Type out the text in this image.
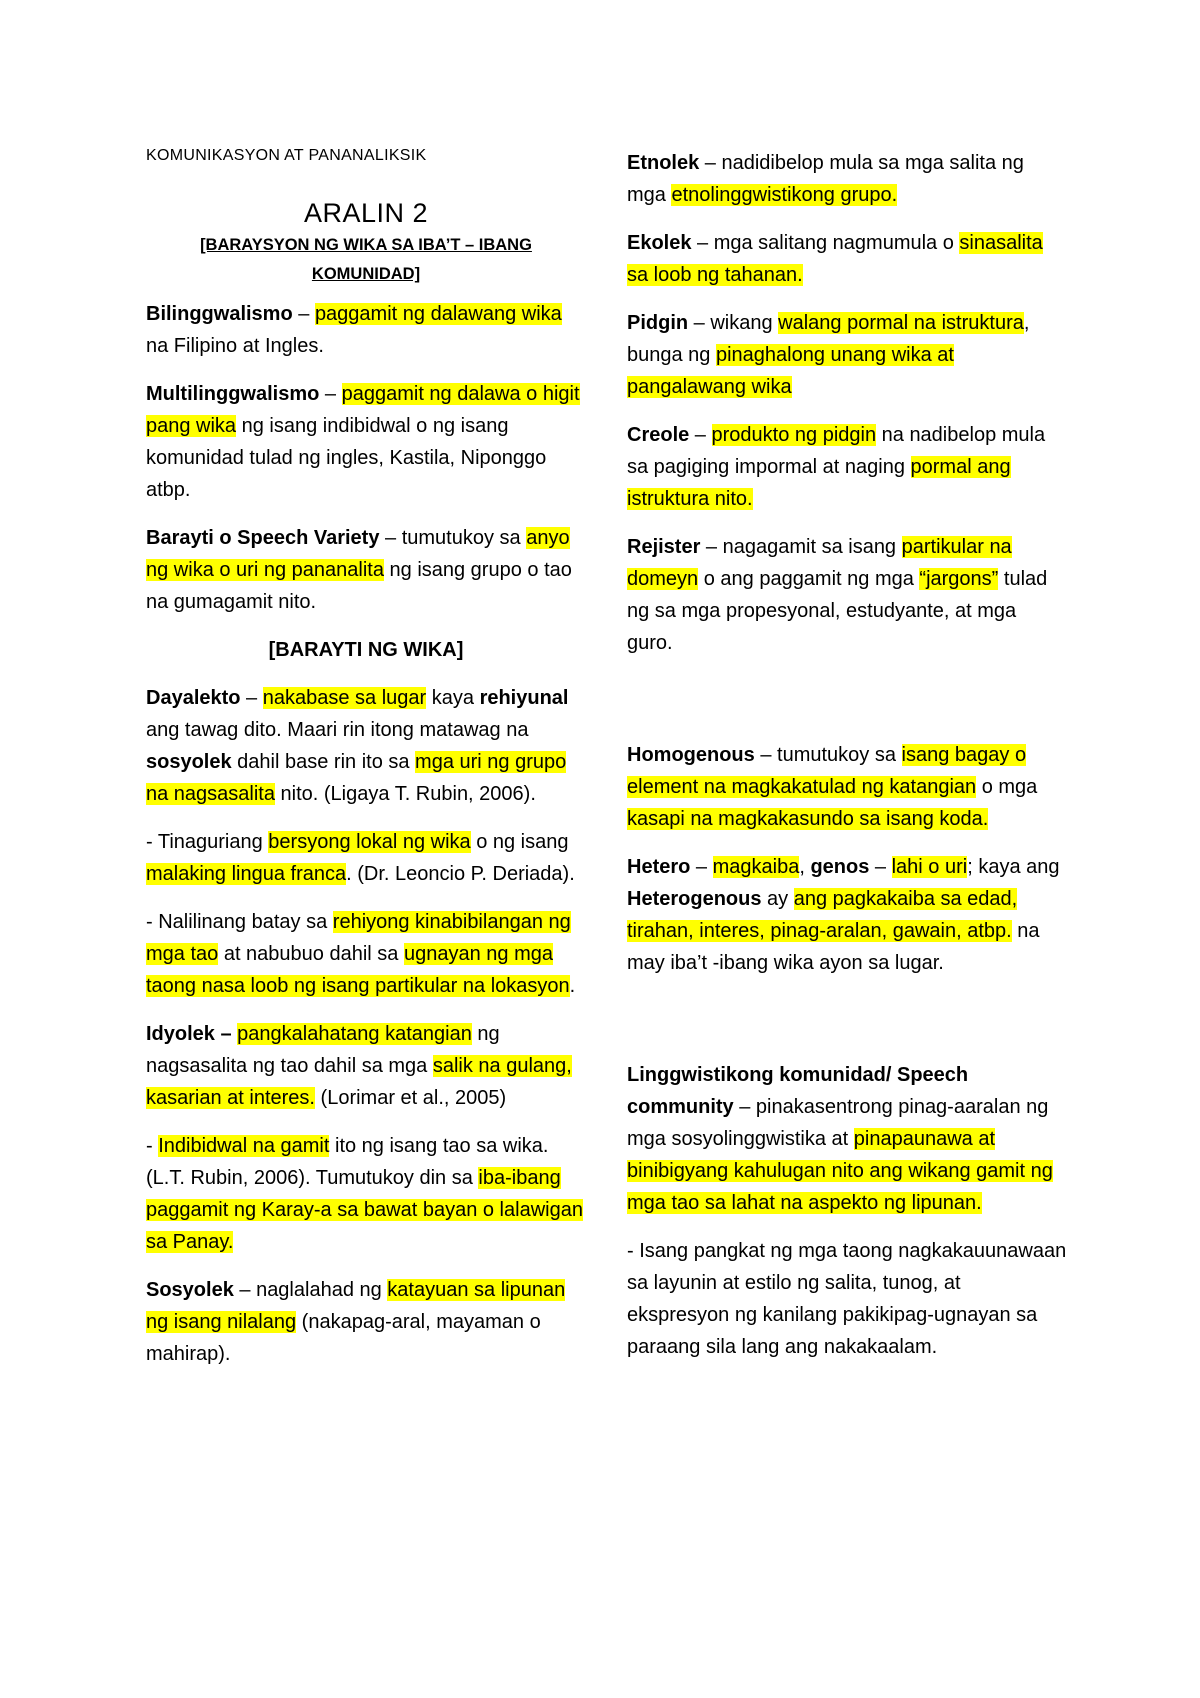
KOMUNIKASYON AT PANANALIKSIK
ARALIN 2
[BARAYSYON NG WIKA SA IBA’T – IBANG KOMUNIDAD]
Bilinggwalismo – paggamit ng dalawang wika na Filipino at Ingles.
Multilinggwalismo – paggamit ng dalawa o higit pang wika ng isang indibidwal o ng isang komunidad tulad ng ingles, Kastila, Niponggo atbp.
Barayti o Speech Variety – tumutukoy sa anyo ng wika o uri ng pananalita ng isang grupo o tao na gumagamit nito.
[BARAYTI NG WIKA]
Dayalekto – nakabase sa lugar kaya rehiyunal ang tawag dito. Maari rin itong matawag na sosyolek dahil base rin ito sa mga uri ng grupo na nagsasalita nito. (Ligaya T. Rubin, 2006).
- Tinaguriang bersyong lokal ng wika o ng isang malaking lingua franca. (Dr. Leoncio P. Deriada).
- Nalilinang batay sa rehiyong kinabibilangan ng mga tao at nabubuo dahil sa ugnayan ng mga taong nasa loob ng isang partikular na lokasyon.
Idyolek – pangkalahatang katangian ng nagsasalita ng tao dahil sa mga salik na gulang, kasarian at interes. (Lorimar et al., 2005)
- Indibidwal na gamit ito ng isang tao sa wika. (L.T. Rubin, 2006). Tumutukoy din sa iba-ibang paggamit ng Karay-a sa bawat bayan o lalawigan sa Panay.
Sosyolek – naglalahad ng katayuan sa lipunan ng isang nilalang (nakapag-aral, mayaman o mahirap).
Etnolek – nadidibelop mula sa mga salita ng mga etnolinggwistikong grupo.
Ekolek – mga salitang nagmumula o sinasalita sa loob ng tahanan.
Pidgin – wikang walang pormal na istruktura, bunga ng pinaghalong unang wika at pangalawang wika
Creole – produkto ng pidgin na nadibelop mula sa pagiging impormal at naging pormal ang istruktura nito.
Rejister – nagagamit sa isang partikular na domeyn o ang paggamit ng mga “jargons” tulad ng sa mga propesyonal, estudyante, at mga guro.
Homogenous – tumutukoy sa isang bagay o element na magkakatulad ng katangian o mga kasapi na magkakasundo sa isang koda.
Hetero – magkaiba, genos – lahi o uri; kaya ang Heterogenous ay ang pagkakaiba sa edad, tirahan, interes, pinag-aralan, gawain, atbp. na may iba’t -ibang wika ayon sa lugar.
Linggwistikong komunidad/ Speech community – pinakasentrong pinag-aaralan ng mga sosyolinggwistika at pinapaunawa at binibigyang kahulugan nito ang wikang gamit ng mga tao sa lahat na aspekto ng lipunan.
- Isang pangkat ng mga taong nagkakauunawaan sa layunin at estilo ng salita, tunog, at ekspresyon ng kanilang pakikipag-ugnayan sa paraang sila lang ang nakakaalam.
